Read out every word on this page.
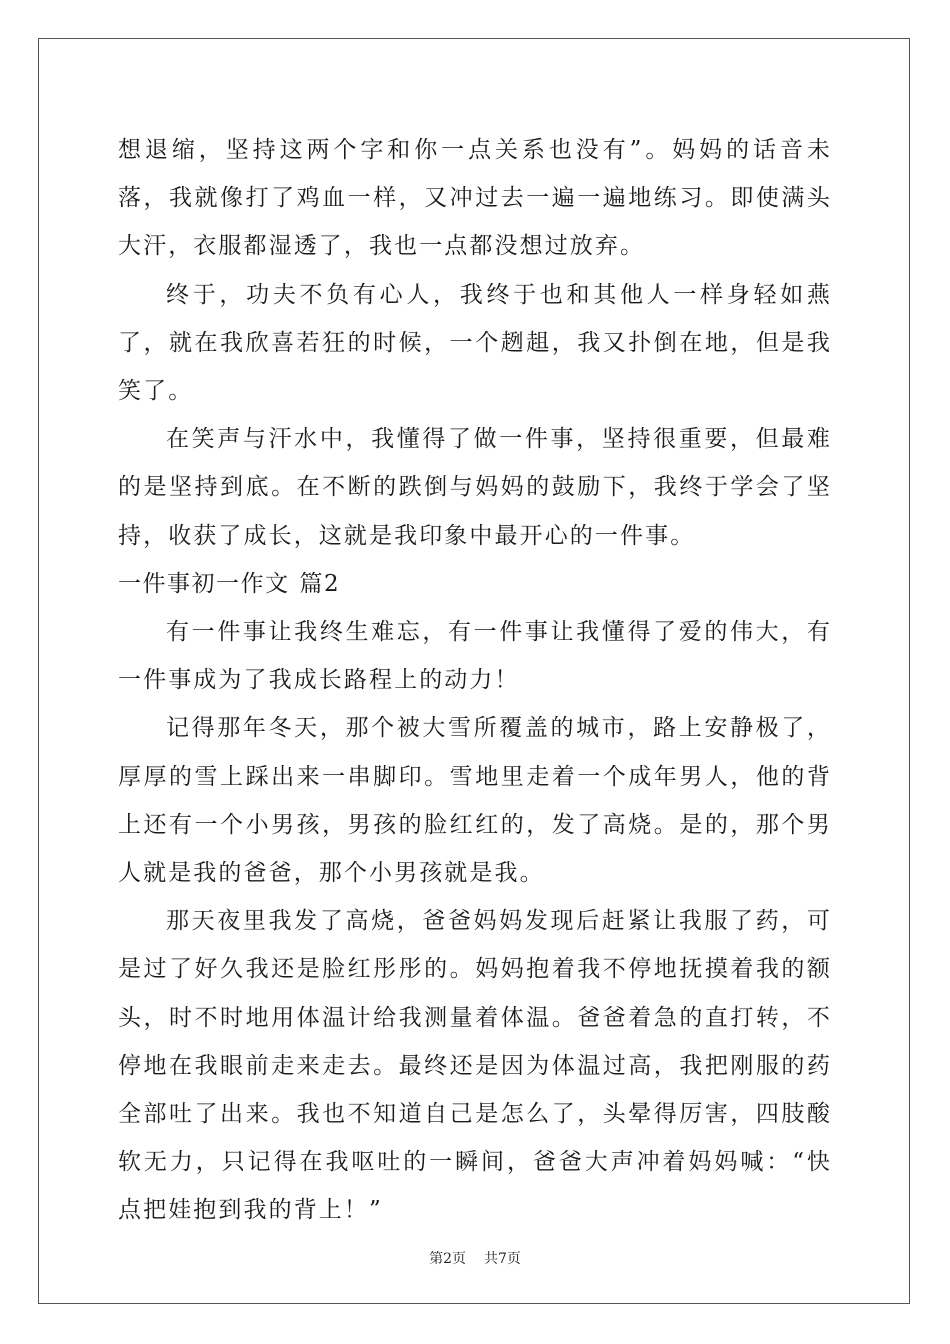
想退缩，坚持这两个字和你一点关系也没有”。妈妈的话音未落，我就像打了鸡血一样，又冲过去一遍一遍地练习。即使满头大汗，衣服都湿透了，我也一点都没想过放弃。

终于，功夫不负有心人，我终于也和其他人一样身轻如燕了，就在我欣喜若狂的时候，一个趔趄，我又扑倒在地，但是我笑了。

在笑声与汗水中，我懂得了做一件事，坚持很重要，但最难的是坚持到底。在不断的跌倒与妈妈的鼓励下，我终于学会了坚持，收获了成长，这就是我印象中最开心的一件事。

一件事初一作文 篇2

有一件事让我终生难忘，有一件事让我懂得了爱的伟大，有一件事成为了我成长路程上的动力！

记得那年冬天，那个被大雪所覆盖的城市，路上安静极了，厚厚的雪上踩出来一串脚印。雪地里走着一个成年男人，他的背上还有一个小男孩，男孩的脸红红的，发了高烧。是的，那个男人就是我的爸爸，那个小男孩就是我。

那天夜里我发了高烧，爸爸妈妈发现后赶紧让我服了药，可是过了好久我还是脸红彤彤的。妈妈抱着我不停地抚摸着我的额头，时不时地用体温计给我测量着体温。爸爸着急的直打转，不停地在我眼前走来走去。最终还是因为体温过高，我把刚服的药全部吐了出来。我也不知道自己是怎么了，头晕得厉害，四肢酸软无力，只记得在我呕吐的一瞬间，爸爸大声冲着妈妈喊：“快点把娃抱到我的背上！”

第2页 共7页
